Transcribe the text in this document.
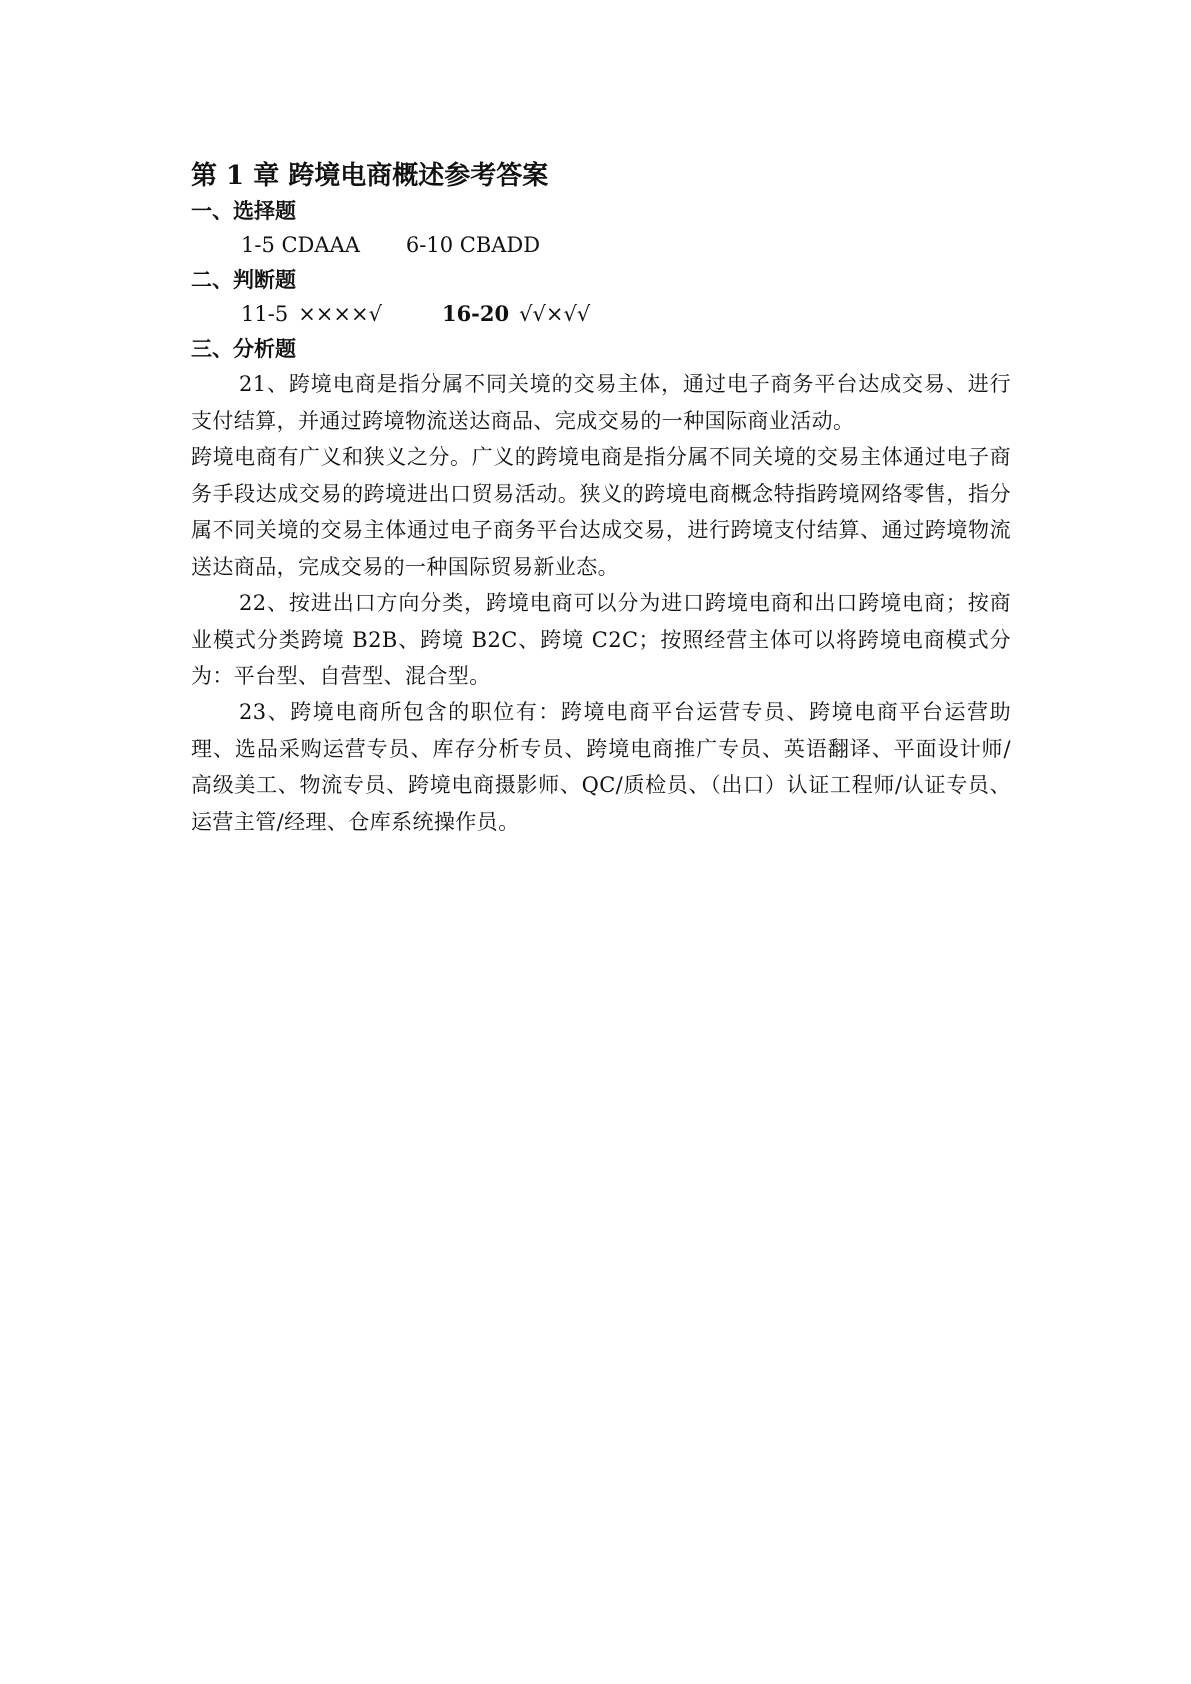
第 1 章 跨境电商概述参考答案
一、选择题
1-5 CDAAA 6-10 CBADD
二、判断题
11-5 ××××√	16-20 √√×√√
三、分析题
21、跨境电商是指分属不同关境的交易主体，通过电子商务平台达成交易、进行支付结算，并通过跨境物流送达商品、完成交易的一种国际商业活动。
跨境电商有广义和狭义之分。广义的跨境电商是指分属不同关境的交易主体通过电子商务手段达成交易的跨境进出口贸易活动。狭义的跨境电商概念特指跨境网络零售，指分属不同关境的交易主体通过电子商务平台达成交易，进行跨境支付结算、通过跨境物流送达商品，完成交易的一种国际贸易新业态。
22、按进出口方向分类，跨境电商可以分为进口跨境电商和出口跨境电商；按商业模式分类跨境 B2B、跨境 B2C、跨境 C2C；按照经营主体可以将跨境电商模式分为：平台型、自营型、混合型。
23、跨境电商所包含的职位有：跨境电商平台运营专员、跨境电商平台运营助理、选品采购运营专员、库存分析专员、跨境电商推广专员、英语翻译、平面设计师/高级美工、物流专员、跨境电商摄影师、QC/质检员、（出口）认证工程师/认证专员、运营主管/经理、仓库系统操作员。
